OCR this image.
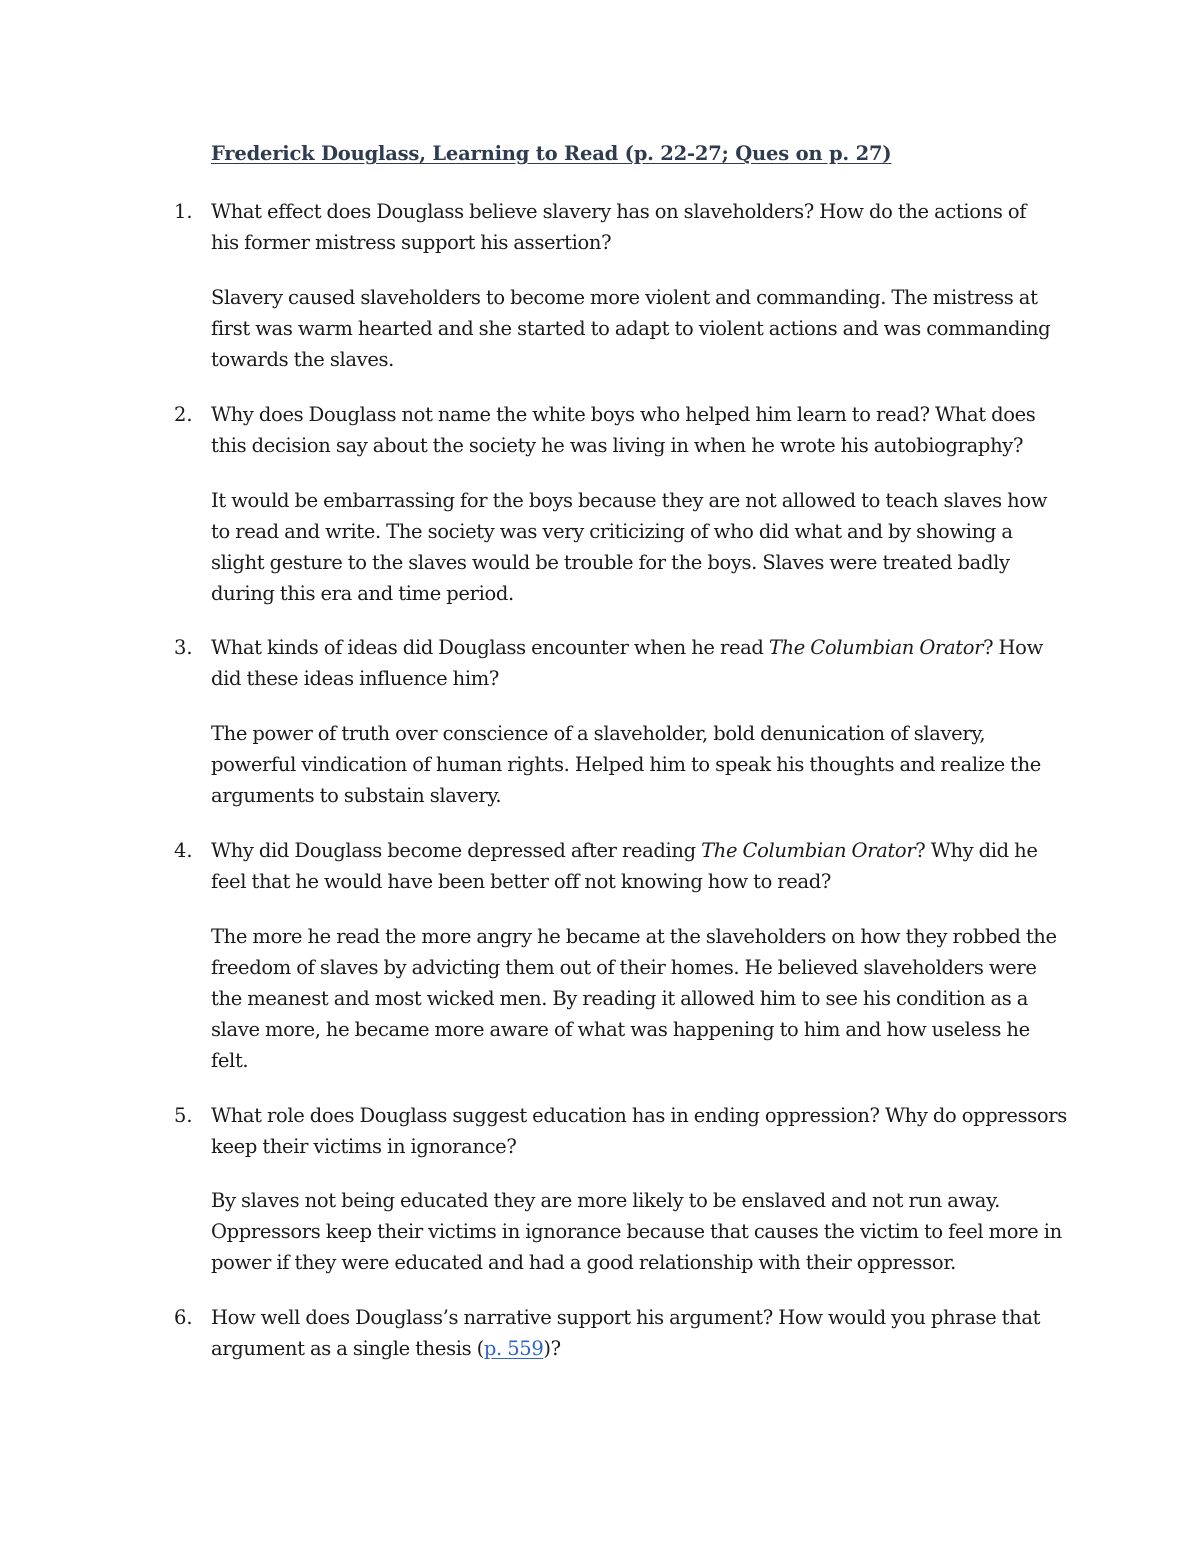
Frederick Douglass, Learning to Read (p. 22-27; Ques on p. 27)
1. What effect does Douglass believe slavery has on slaveholders? How do the actions of
his former mistress support his assertion?
Slavery caused slaveholders to become more violent and commanding. The mistress at
first was warm hearted and she started to adapt to violent actions and was commanding
towards the slaves.
2. Why does Douglass not name the white boys who helped him learn to read? What does
this decision say about the society he was living in when he wrote his autobiography?
It would be embarrassing for the boys because they are not allowed to teach slaves how
to read and write. The society was very criticizing of who did what and by showing a
slight gesture to the slaves would be trouble for the boys. Slaves were treated badly
during this era and time period.
3. What kinds of ideas did Douglass encounter when he read The Columbian Orator? How
did these ideas influence him?
The power of truth over conscience of a slaveholder, bold denunication of slavery,
powerful vindication of human rights. Helped him to speak his thoughts and realize the
arguments to substain slavery.
4. Why did Douglass become depressed after reading The Columbian Orator? Why did he
feel that he would have been better off not knowing how to read?
The more he read the more angry he became at the slaveholders on how they robbed the
freedom of slaves by advicting them out of their homes. He believed slaveholders were
the meanest and most wicked men. By reading it allowed him to see his condition as a
slave more, he became more aware of what was happening to him and how useless he
felt.
5. What role does Douglass suggest education has in ending oppression? Why do oppressors
keep their victims in ignorance?
By slaves not being educated they are more likely to be enslaved and not run away.
Oppressors keep their victims in ignorance because that causes the victim to feel more in
power if they were educated and had a good relationship with their oppressor.
6. How well does Douglass’s narrative support his argument? How would you phrase that
argument as a single thesis (p. 559)?
